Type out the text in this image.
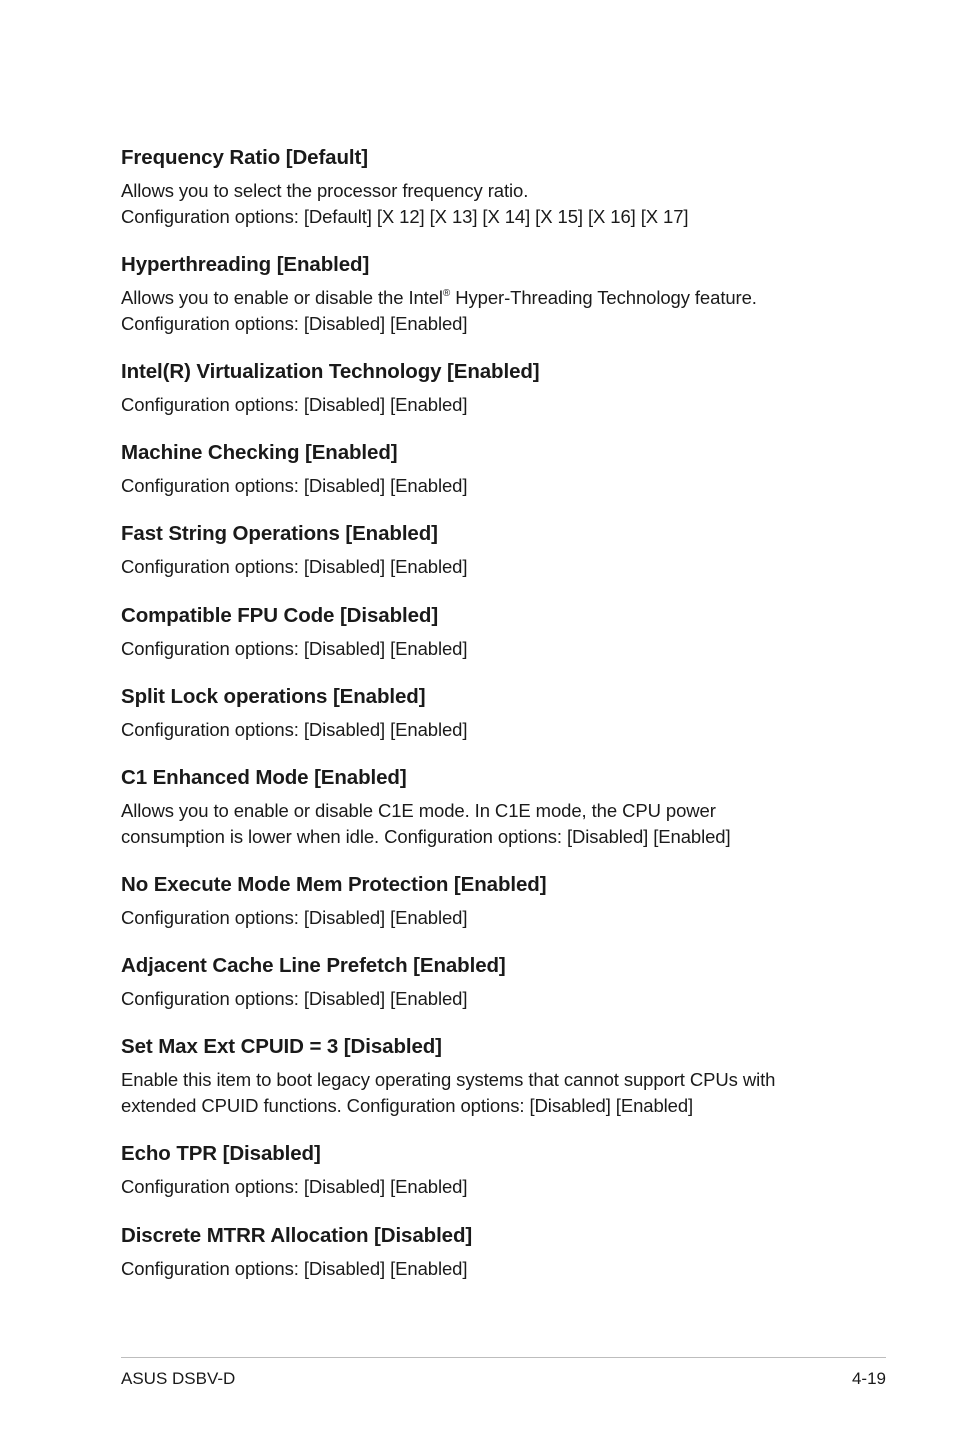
Frequency Ratio [Default]

Allows you to select the processor frequency ratio.
Configuration options: [Default] [X 12] [X 13] [X 14] [X 15] [X 16] [X 17]

Hyperthreading [Enabled]

Allows you to enable or disable the Intel® Hyper-Threading Technology feature.
Configuration options: [Disabled] [Enabled]

Intel(R) Virtualization Technology [Enabled]

Configuration options: [Disabled] [Enabled]

Machine Checking [Enabled]

Configuration options: [Disabled] [Enabled]

Fast String Operations [Enabled]

Configuration options: [Disabled] [Enabled]

Compatible FPU Code [Disabled]

Configuration options: [Disabled] [Enabled]

Split Lock operations [Enabled]

Configuration options: [Disabled] [Enabled]

C1 Enhanced Mode [Enabled]

Allows you to enable or disable C1E mode. In C1E mode, the CPU power
consumption is lower when idle. Configuration options: [Disabled] [Enabled]

No Execute Mode Mem Protection [Enabled]

Configuration options: [Disabled] [Enabled]

Adjacent Cache Line Prefetch [Enabled]

Configuration options: [Disabled] [Enabled]

Set Max Ext CPUID = 3 [Disabled]

Enable this item to boot legacy operating systems that cannot support CPUs with
extended CPUID functions. Configuration options: [Disabled] [Enabled]

Echo TPR [Disabled]

Configuration options: [Disabled] [Enabled]

Discrete MTRR Allocation [Disabled]

Configuration options: [Disabled] [Enabled]

ASUS DSBV-D	4-19
